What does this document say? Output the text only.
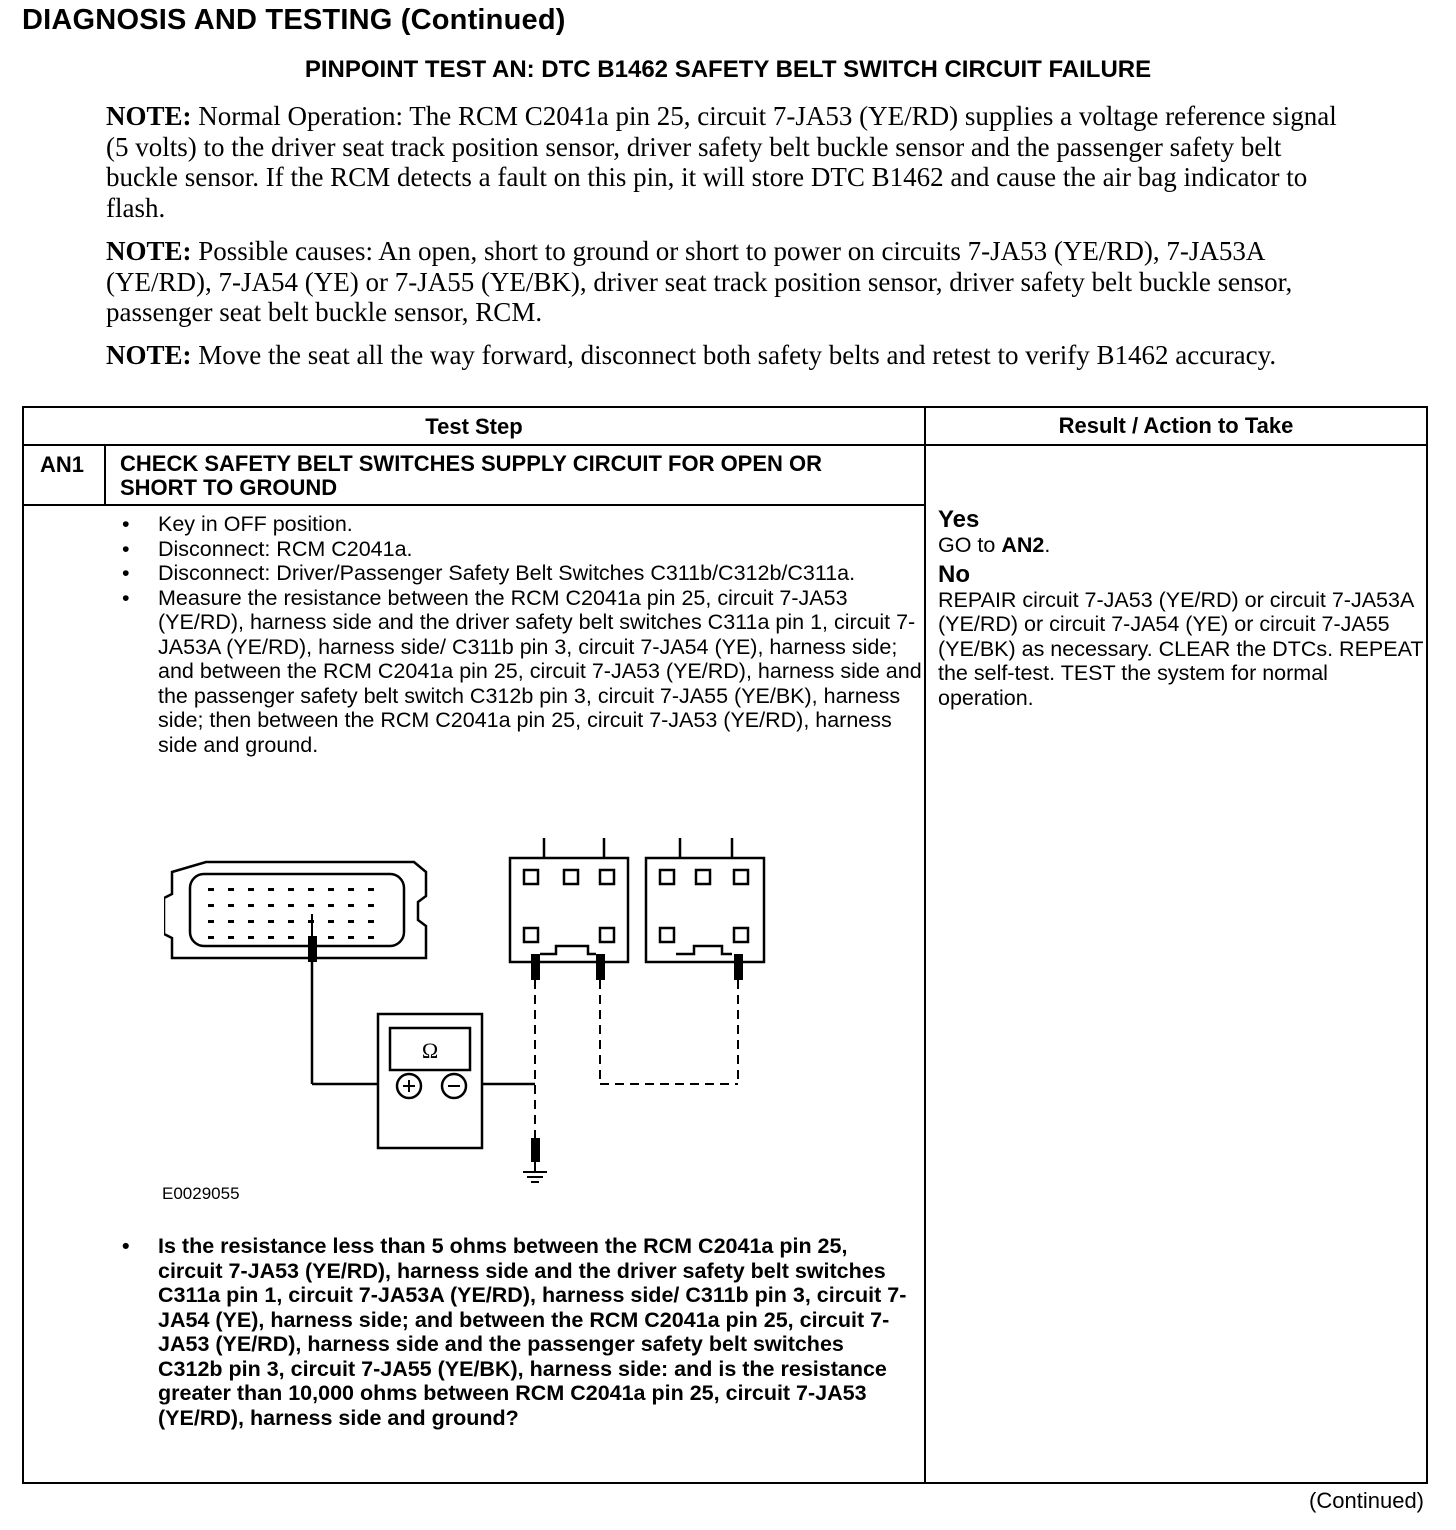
DIAGNOSIS AND TESTING (Continued)
PINPOINT TEST AN: DTC B1462 SAFETY BELT SWITCH CIRCUIT FAILURE
NOTE: Normal Operation: The RCM C2041a pin 25, circuit 7-JA53 (YE/RD) supplies a voltage reference signal (5 volts) to the driver seat track position sensor, driver safety belt buckle sensor and the passenger safety belt buckle sensor. If the RCM detects a fault on this pin, it will store DTC B1462 and cause the air bag indicator to flash.
NOTE: Possible causes: An open, short to ground or short to power on circuits 7-JA53 (YE/RD), 7-JA53A (YE/RD), 7-JA54 (YE) or 7-JA55 (YE/BK), driver seat track position sensor, driver safety belt buckle sensor, passenger seat belt buckle sensor, RCM.
NOTE: Move the seat all the way forward, disconnect both safety belts and retest to verify B1462 accuracy.
Test Step	Result / Action to Take
AN1 CHECK SAFETY BELT SWITCHES SUPPLY CIRCUIT FOR OPEN OR SHORT TO GROUND
• Key in OFF position.
• Disconnect: RCM C2041a.
• Disconnect: Driver/Passenger Safety Belt Switches C311b/C312b/C311a.
• Measure the resistance between the RCM C2041a pin 25, circuit 7-JA53 (YE/RD), harness side and the driver safety belt switches C311a pin 1, circuit 7-JA53A (YE/RD), harness side/ C311b pin 3, circuit 7-JA54 (YE), harness side; and between the RCM C2041a pin 25, circuit 7-JA53 (YE/RD), harness side and the passenger safety belt switch C312b pin 3, circuit 7-JA55 (YE/BK), harness side; then between the RCM C2041a pin 25, circuit 7-JA53 (YE/RD), harness side and ground.
Ω
E0029055
• Is the resistance less than 5 ohms between the RCM C2041a pin 25, circuit 7-JA53 (YE/RD), harness side and the driver safety belt switches C311a pin 1, circuit 7-JA53A (YE/RD), harness side/ C311b pin 3, circuit 7-JA54 (YE), harness side; and between the RCM C2041a pin 25, circuit 7-JA53 (YE/RD), harness side and the passenger safety belt switches C312b pin 3, circuit 7-JA55 (YE/BK), harness side: and is the resistance greater than 10,000 ohms between RCM C2041a pin 25, circuit 7-JA53 (YE/RD), harness side and ground?
Yes
GO to AN2.
No
REPAIR circuit 7-JA53 (YE/RD) or circuit 7-JA53A (YE/RD) or circuit 7-JA54 (YE) or circuit 7-JA55 (YE/BK) as necessary. CLEAR the DTCs. REPEAT the self-test. TEST the system for normal operation.
(Continued)
